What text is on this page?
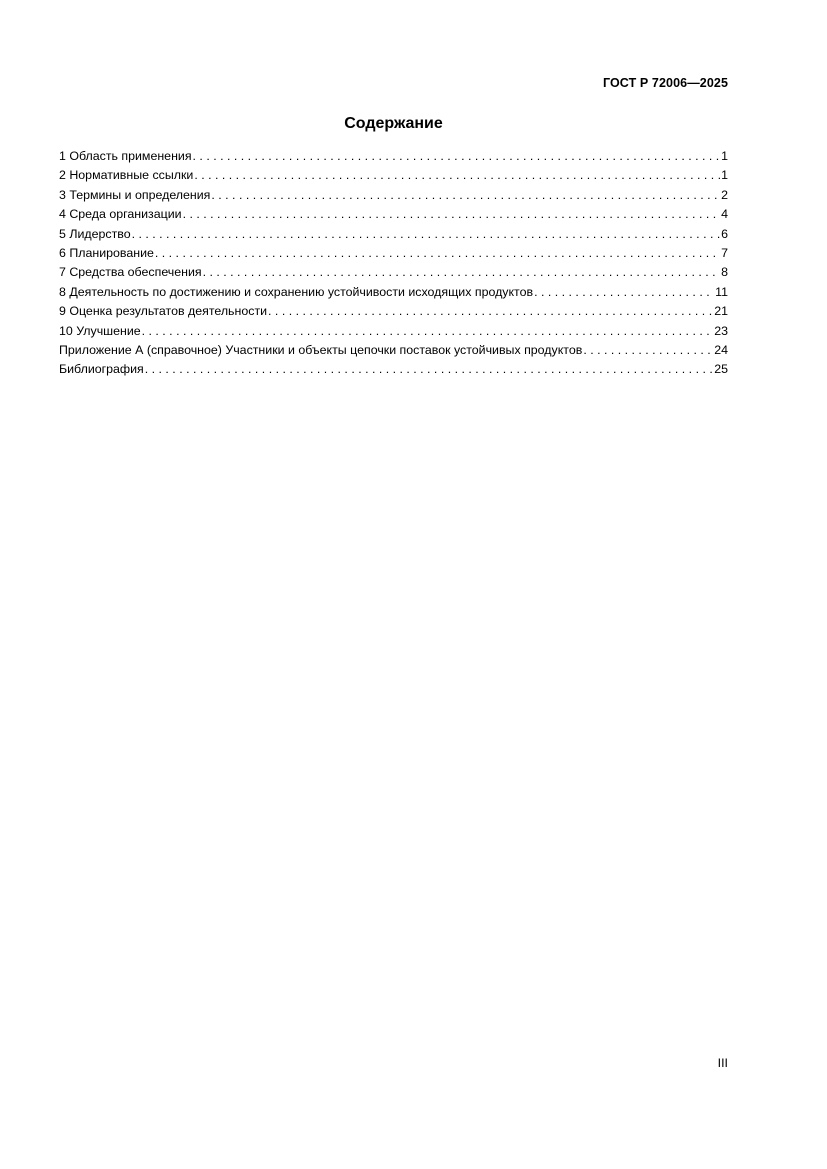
ГОСТ Р 72006—2025
Содержание
1 Область применения . . .	1
2 Нормативные ссылки . . .	1
3 Термины и определения . . .	2
4 Среда организации . . .	4
5 Лидерство . . .	6
6 Планирование . . .	7
7 Средства обеспечения . . .	8
8 Деятельность по достижению и сохранению устойчивости исходящих продуктов . . .	11
9 Оценка результатов деятельности . . .	21
10 Улучшение . . .	23
Приложение А (справочное) Участники и объекты цепочки поставок устойчивых продуктов . . .	24
Библиография . . .	25
III
